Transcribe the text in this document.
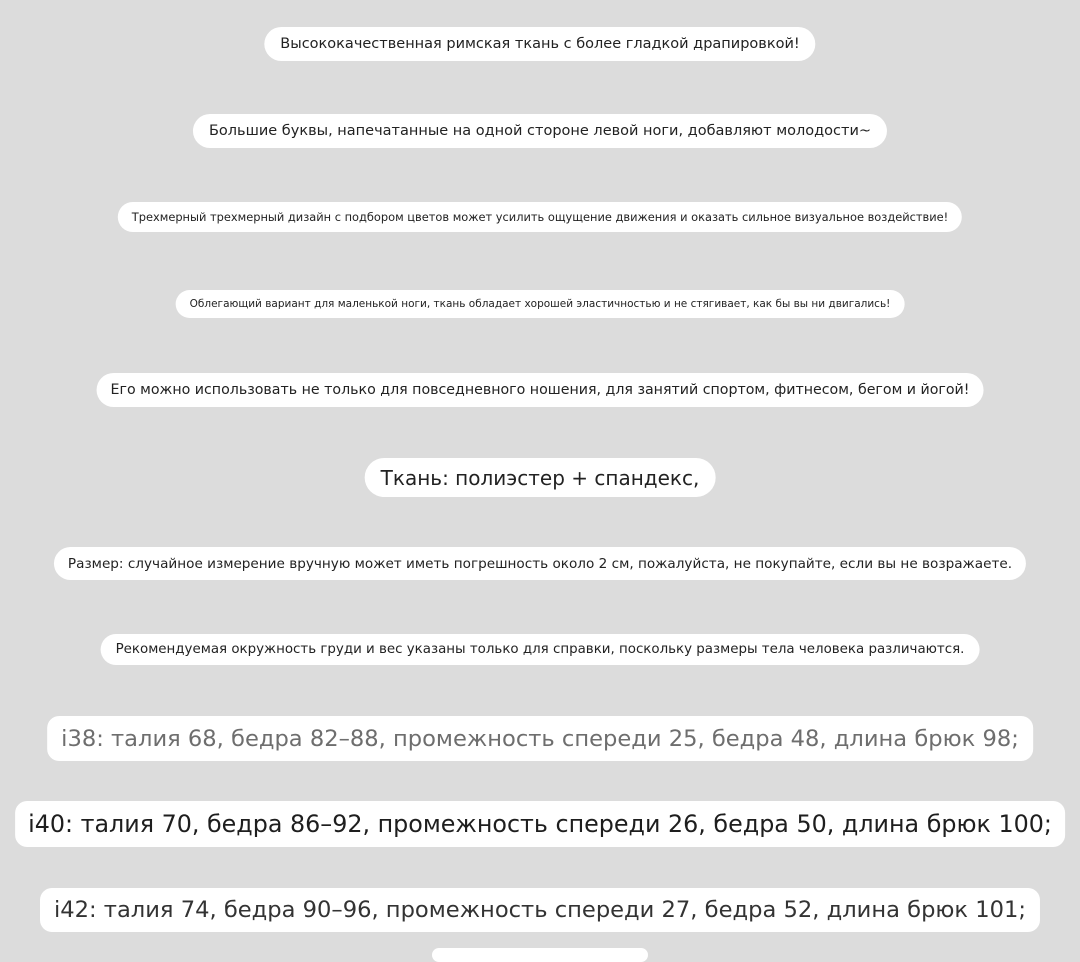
Высококачественная римская ткань с более гладкой драпировкой!
Большие буквы, напечатанные на одной стороне левой ноги, добавляют молодости~
Трехмерный трехмерный дизайн с подбором цветов может усилить ощущение движения и оказать сильное визуальное воздействие!
Облегающий вариант для маленькой ноги, ткань обладает хорошей эластичностью и не стягивает, как бы вы ни двигались!
Его можно использовать не только для повседневного ношения, для занятий спортом, фитнесом, бегом и йогой!
Ткань: полиэстер + спандекс,
Размер: случайное измерение вручную может иметь погрешность около 2 см, пожалуйста, не покупайте, если вы не возражаете.
Рекомендуемая окружность груди и вес указаны только для справки, поскольку размеры тела человека различаются.
i38: талия 68, бедра 82–88, промежность спереди 25, бедра 48, длина брюк 98;
i40: талия 70, бедра 86–92, промежность спереди 26, бедра 50, длина брюк 100;
i42: талия 74, бедра 90–96, промежность спереди 27, бедра 52, длина брюк 101;
